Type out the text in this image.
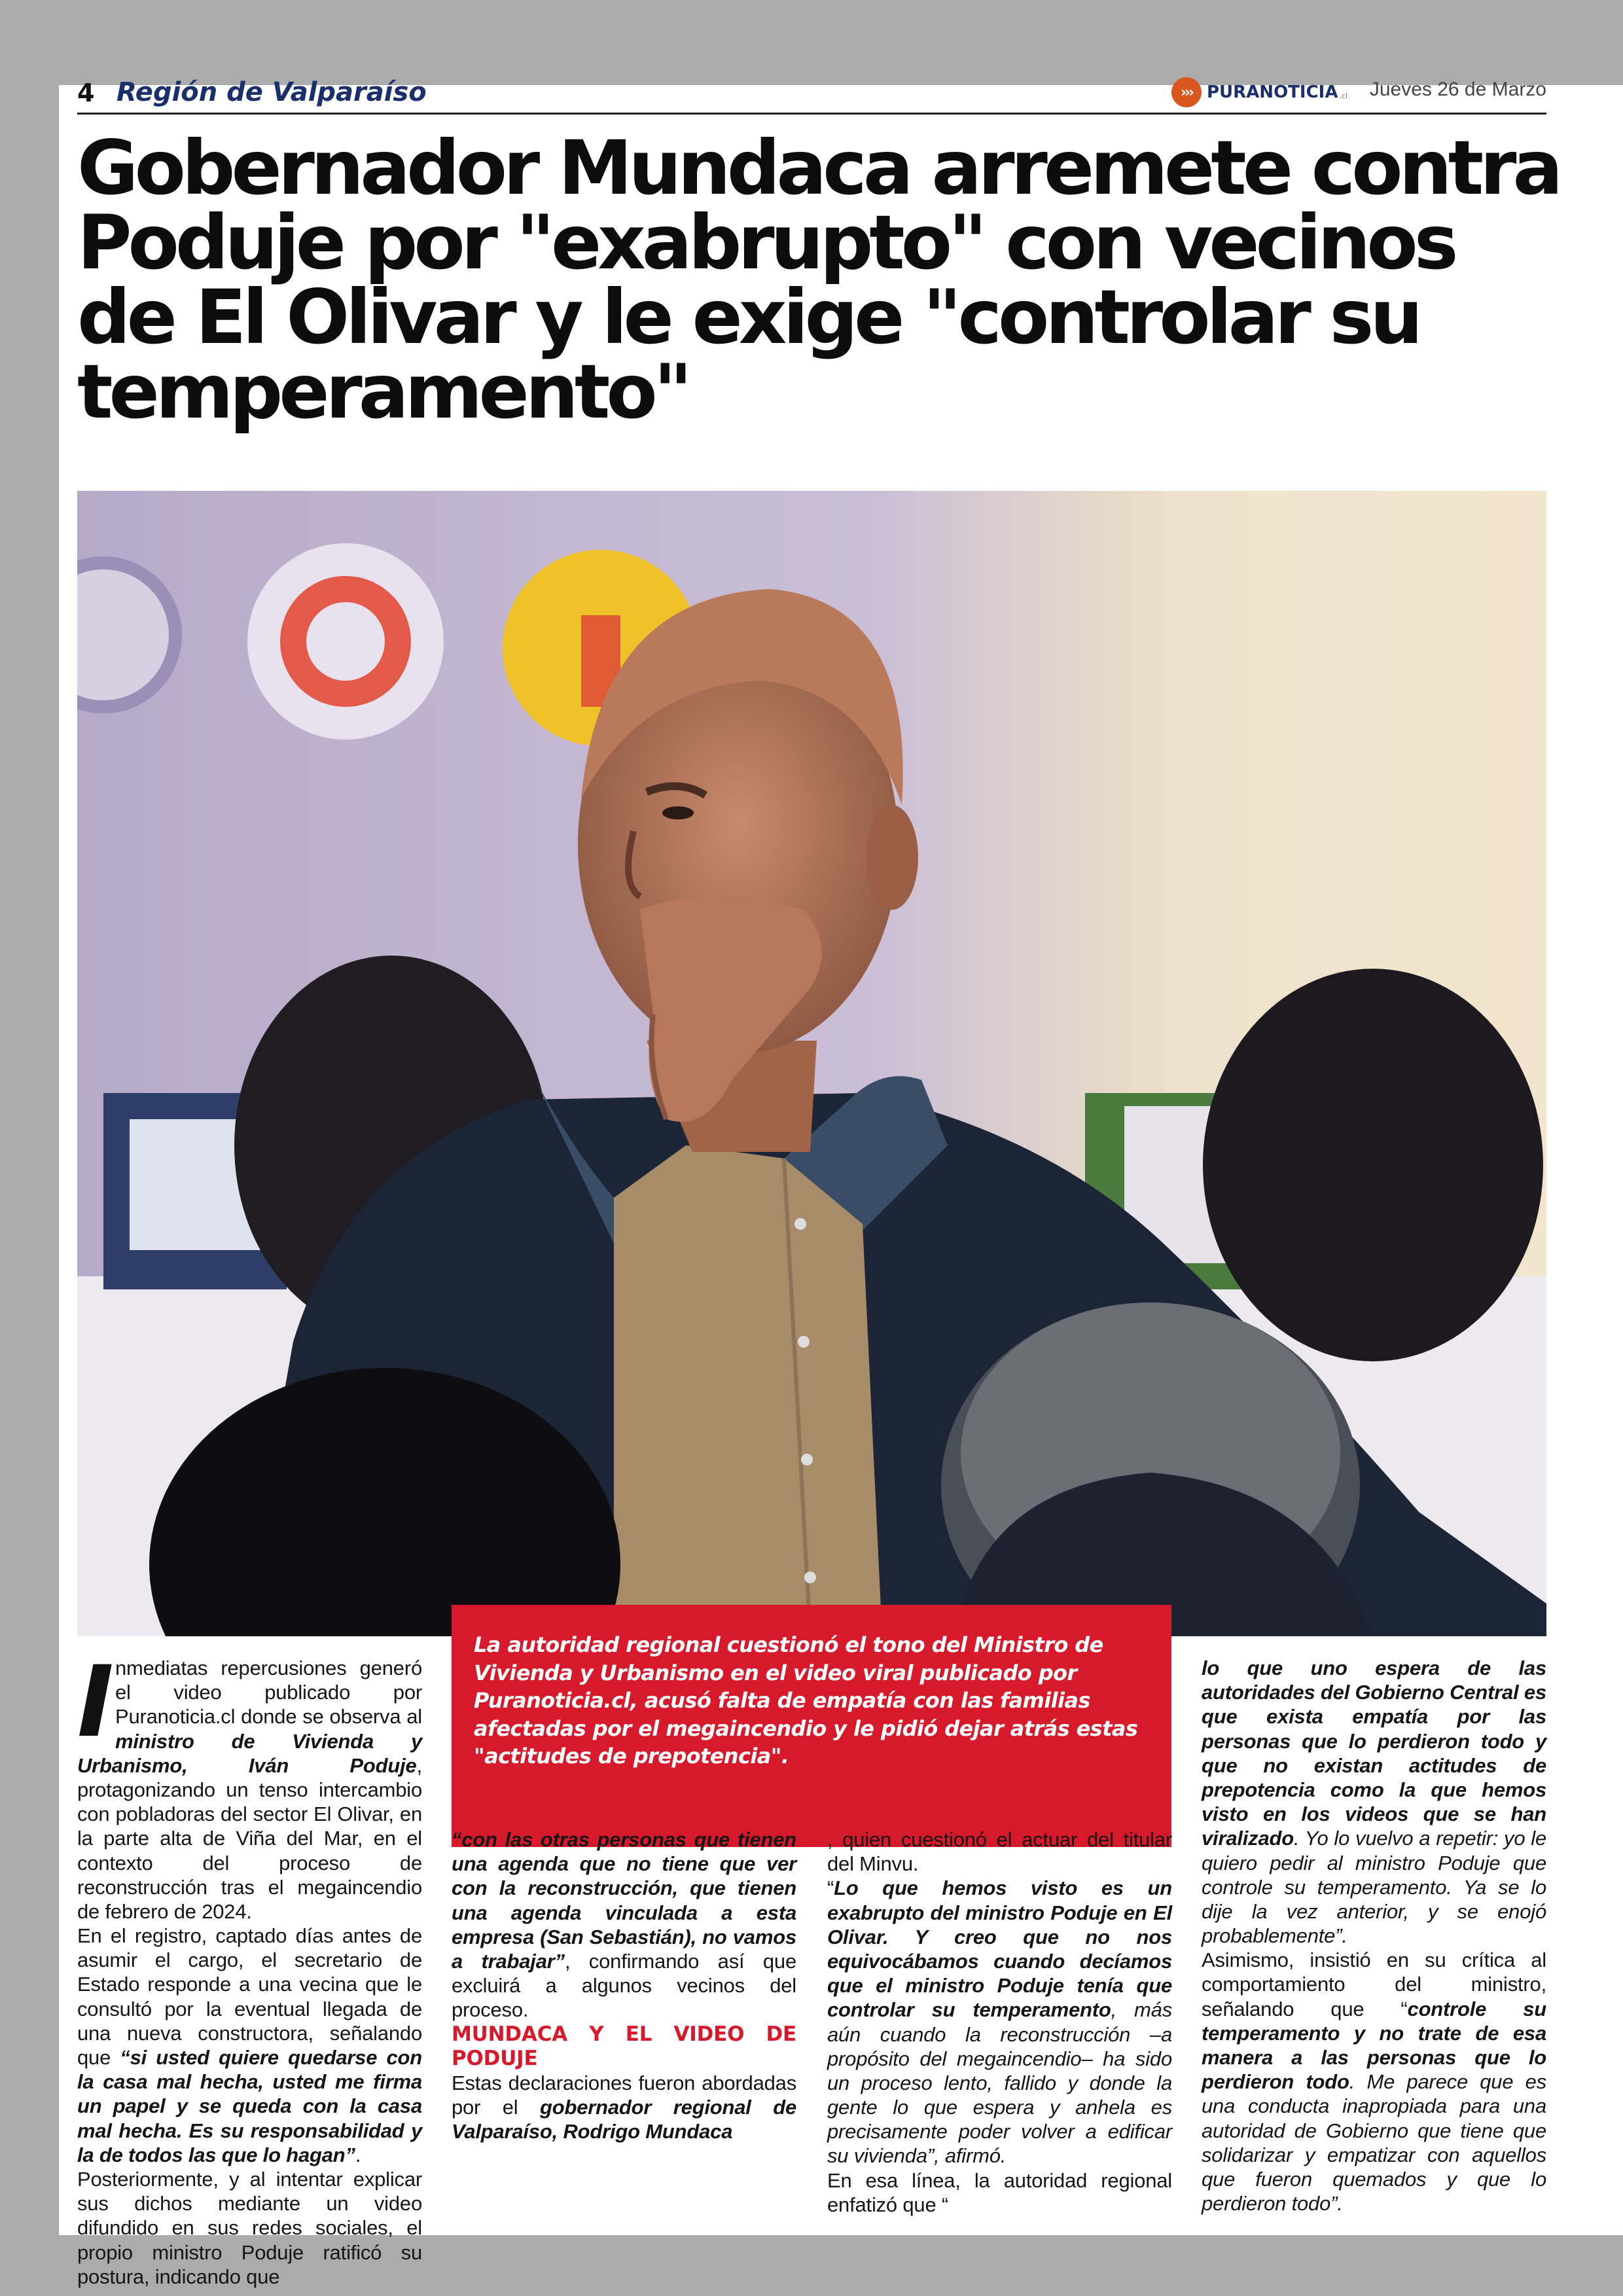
4 Región de Valparaíso	››› PURANOTICIA .cl Jueves 26 de Marzo
Gobernador Mundaca arremete contra Poduje por "exabrupto" con vecinos de El Olivar y le exige "controlar su temperamento"

La autoridad regional cuestionó el tono del Ministro de Vivienda y Urbanismo en el video viral publicado por Puranoticia.cl, acusó falta de empatía con las familias afectadas por el megaincendio y le pidió dejar atrás estas "actitudes de prepotencia".

Inmediatas repercusiones generó el video publicado por Puranoticia.cl donde se observa al ministro de Vivienda y Urbanismo, Iván Poduje, protagonizando un tenso intercambio con pobladoras del sector El Olivar, en la parte alta de Viña del Mar, en el contexto del proceso de reconstrucción tras el megaincendio de febrero de 2024.

En el registro, captado días antes de asumir el cargo, el secretario de Estado responde a una vecina que le consultó por la eventual llegada de una nueva constructora, señalando que “si usted quiere quedarse con la casa mal hecha, usted me firma un papel y se queda con la casa mal hecha. Es su responsabilidad y la de todos las que lo hagan”.

Posteriormente, y al intentar explicar sus dichos mediante un video difundido en sus redes sociales, el propio ministro Poduje ratificó su postura, indicando que

“con las otras personas que tienen una agenda que no tiene que ver con la reconstrucción, que tienen una agenda vinculada a esta empresa (San Sebastián), no vamos a trabajar”, confirmando así que excluirá a algunos vecinos del proceso.

MUNDACA Y EL VIDEO DE PODUJE

Estas declaraciones fueron abordadas por el gobernador regional de Valparaíso, Rodrigo Mundaca

, quien cuestionó el actuar del titular del Minvu.

“Lo que hemos visto es un exabrupto del ministro Poduje en El Olivar. Y creo que no nos equivocábamos cuando decíamos que el ministro Poduje tenía que controlar su temperamento, más aún cuando la reconstrucción –a propósito del megaincendio– ha sido un proceso lento, fallido y donde la gente lo que espera y anhela es precisamente poder volver a edificar su vivienda”, afirmó.

En esa línea, la autoridad regional enfatizó que “

lo que uno espera de las autoridades del Gobierno Central es que exista empatía por las personas que lo perdieron todo y que no existan actitudes de prepotencia como la que hemos visto en los videos que se han viralizado. Yo lo vuelvo a repetir: yo le quiero pedir al ministro Poduje que controle su temperamento. Ya se lo dije la vez anterior, y se enojó probablemente”.

Asimismo, insistió en su crítica al comportamiento del ministro, señalando que “controle su temperamento y no trate de esa manera a las personas que lo perdieron todo. Me parece que es una conducta inapropiada para una autoridad de Gobierno que tiene que solidarizar y empatizar con aquellos que fueron quemados y que lo perdieron todo”.
